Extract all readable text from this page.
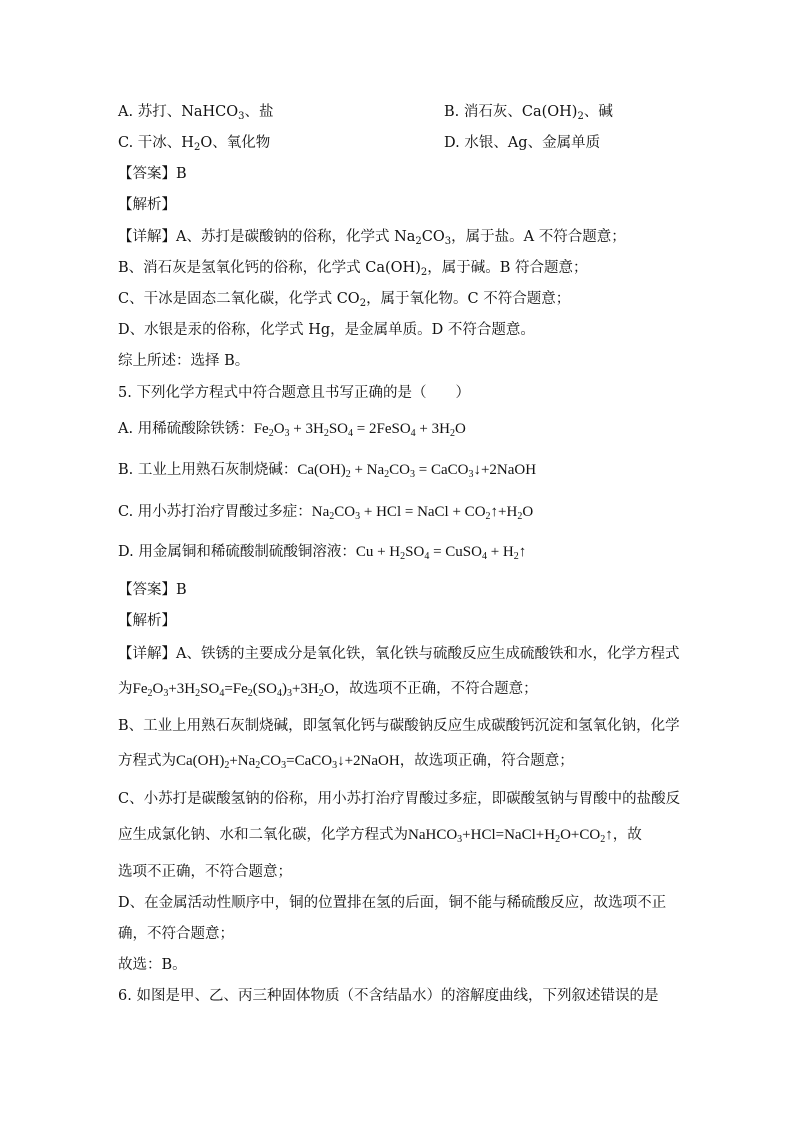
A. 苏打、NaHCO$_3$、盐	B. 消石灰、$Ca(OH)_2$、碱
C. 干冰、$H_2O$、氧化物	D. 水银、Ag、金属单质
【答案】B
【解析】
【详解】A、苏打是碳酸钠的俗称，化学式 $Na_2CO_3$，属于盐。A 不符合题意；
B、消石灰是氢氧化钙的俗称，化学式 $Ca(OH)_2$，属于碱。B 符合题意；
C、干冰是固态二氧化碳，化学式 $CO_2$，属于氧化物。C 不符合题意；
D、水银是汞的俗称，化学式 Hg，是金属单质。D 不符合题意。
综上所述：选择 B。
5. 下列化学方程式中符合题意且书写正确的是（　　）
A. 用稀硫酸除铁锈：$Fe_2O_3 + 3H_2SO_4$ = 2FeSO$_4$ + $3H_2O$
B. 工业上用熟石灰制烧碱：$Ca(OH)_2 + Na_2CO_3$ = CaCO$_3$↓+2NaOH
C. 用小苏打治疗胃酸过多症：$Na_2CO_3$ + HCl = NaCl + $CO_2↑+H_2O$
D. 用金属铜和稀硫酸制硫酸铜溶液：$Cu + H_2SO_4$ = CuSO$_4$ + $H_2↑$
【答案】B
【解析】
【详解】A、铁锈的主要成分是氧化铁，氧化铁与硫酸反应生成硫酸铁和水，化学方程式
为$Fe_2O_3+3H_2SO_4=Fe_2(SO_4)_3+3H_2O$，故选项不正确，不符合题意；
B、工业上用熟石灰制烧碱，即氢氧化钙与碳酸钠反应生成碳酸钙沉淀和氢氧化钠，化学
方程式为$Ca(OH)_2+Na_2CO_3=CaCO_3↓+2NaOH$，故选项正确，符合题意；
C、小苏打是碳酸氢钠的俗称，用小苏打治疗胃酸过多症，即碳酸氢钠与胃酸中的盐酸反
应生成氯化钠、水和二氧化碳，化学方程式为$NaHCO_3+HCl=NaCl+H_2O+CO_2↑$，故
选项不正确，不符合题意；
D、在金属活动性顺序中，铜的位置排在氢的后面，铜不能与稀硫酸反应，故选项不正
确，不符合题意；
故选：B。
6. 如图是甲、乙、丙三种固体物质（不含结晶水）的溶解度曲线，下列叙述错误的是
